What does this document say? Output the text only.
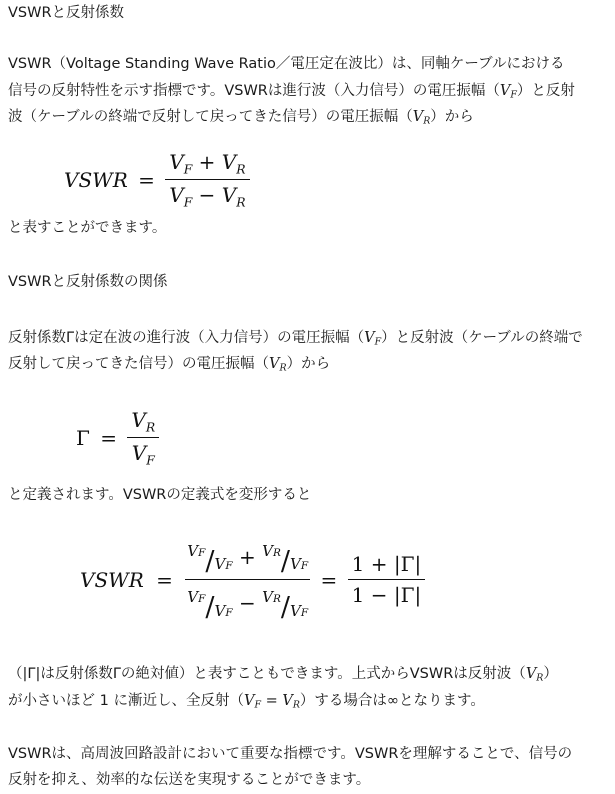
VSWRと反射係数
VSWR（Voltage Standing Wave Ratio／電圧定在波比）は、同軸ケーブルにおける
信号の反射特性を示す指標です。VSWRは進行波（入力信号）の電圧振幅$(V_F)$と反射
波（ケーブルの終端で反射して戻ってきた信号）の電圧振幅$(V_R)$から
VSWR = $\frac{V_F + V_R}{V_F - V_R}$
と表すことができます。
VSWRと反射係数の関係
反射係数Γは定在波の進行波（入力信号）の電圧振幅$(V_F)$と反射波（ケーブルの終端で
反射して戻ってきた信号）の電圧振幅$(V_R)$から
$\Gamma = \frac{V_R}{V_F}$
と定義されます。VSWRの定義式を変形すると
VSWR = $\frac{^{VF}/_{VF} + ^{VR}/_{VF}}{^{VF}/_{VF} - ^{VR}/_{VF}} = \frac{1 + |\Gamma|}{1 - |\Gamma|}$
（|Γ|は反射係数Γの絶対値）と表すこともできます。上式からVSWRは反射波$(V_R)$
が小さいほど 1 に漸近し、全反射$(V_F = V_R)$する場合は∞となります。
VSWRは、高周波回路設計において重要な指標です。VSWRを理解することで、信号の
反射を抑え、効率的な伝送を実現することができます。
